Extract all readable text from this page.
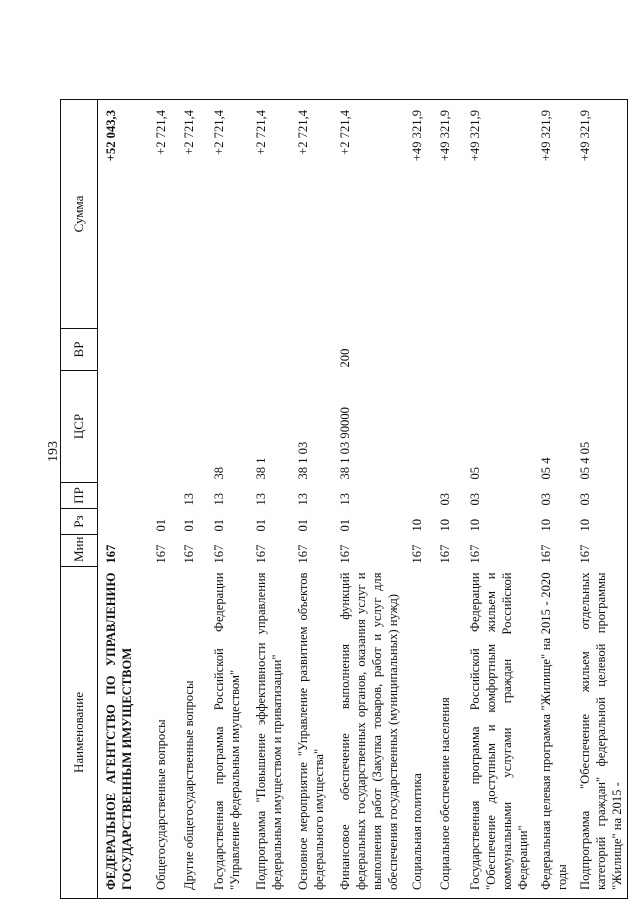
193
Наименование	Мин	Рз	ПР	ЦСР	ВР	Сумма
ФЕДЕРАЛЬНОЕ АГЕНТСТВО ПО УПРАВЛЕНИЮ ГОСУДАРСТВЕННЫМ ИМУЩЕСТВОМ	167					+52 043,3
Общегосударственные вопросы	167	01				+2 721,4
Другие общегосударственные вопросы	167	01	13			+2 721,4
Государственная программа Российской Федерации "Управление федеральным имуществом"	167	01	13	38		+2 721,4
Подпрограмма "Повышение эффективности управления федеральным имуществом и приватизации"	167	01	13	38 1		+2 721,4
Основное мероприятие "Управление развитием объектов федерального имущества"	167	01	13	38 1 03		+2 721,4
Финансовое обеспечение выполнения функций федеральных государственных органов, оказания услуг и выполнения работ (Закупка товаров, работ и услуг для обеспечения государственных (муниципальных) нужд)	167	01	13	38 1 03 90000	200	+2 721,4
Социальная политика	167	10				+49 321,9
Социальное обеспечение населения	167	10	03			+49 321,9
Государственная программа Российской Федерации "Обеспечение доступным и комфортным жильем и коммунальными услугами граждан Российской Федерации"	167	10	03	05		+49 321,9
Федеральная целевая программа "Жилище" на 2015 - 2020 годы	167	10	03	05 4		+49 321,9
Подпрограмма "Обеспечение жильем отдельных категорий граждан" федеральной целевой программы "Жилище" на 2015 -	167	10	03	05 4 05		+49 321,9
